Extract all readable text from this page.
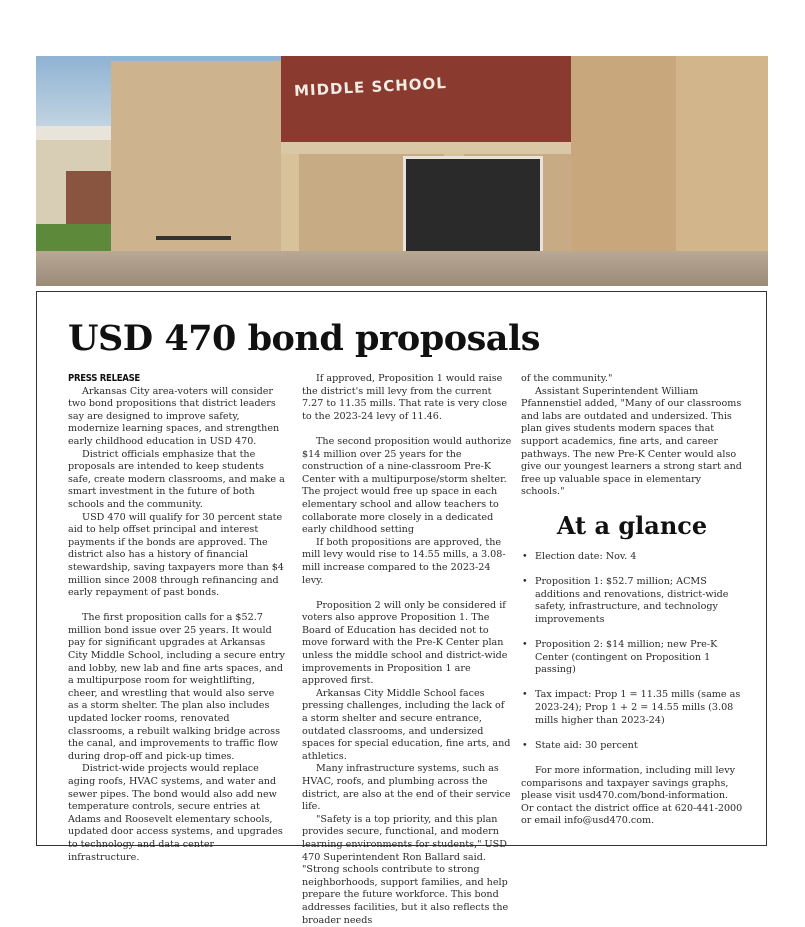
MIDDLE SCHOOL
USD 470 bond proposals
PRESS RELEASE

Arkansas City area-voters will consider two bond propositions that district leaders say are designed to improve safety, modernize learning spaces, and strengthen early childhood education in USD 470.

District officials emphasize that the proposals are intended to keep students safe, create modern classrooms, and make a smart investment in the future of both schools and the community.

USD 470 will qualify for 30 percent state aid to help offset principal and interest payments if the bonds are approved. The district also has a history of financial stewardship, saving taxpayers more than $4 million since 2008 through refinancing and early repayment of past bonds.

The first proposition calls for a $52.7 million bond issue over 25 years. It would pay for significant upgrades at Arkansas City Middle School, including a secure entry and lobby, new lab and fine arts spaces, and a multipurpose room for weightlifting, cheer, and wrestling that would also serve as a storm shelter. The plan also includes updated locker rooms, renovated classrooms, a rebuilt walking bridge across the canal, and improvements to traffic flow during drop-off and pick-up times.

District-wide projects would replace aging roofs, HVAC systems, and water and sewer pipes. The bond would also add new temperature controls, secure entries at Adams and Roosevelt elementary schools, updated door access systems, and upgrades to technology and data center infrastructure.

If approved, Proposition 1 would raise the district's mill levy from the current 7.27 to 11.35 mills. That rate is very close to the 2023-24 levy of 11.46.

The second proposition would authorize $14 million over 25 years for the construction of a nine-classroom Pre-K Center with a multipurpose/storm shelter. The project would free up space in each elementary school and allow teachers to collaborate more closely in a dedicated early childhood setting

If both propositions are approved, the mill levy would rise to 14.55 mills, a 3.08-mill increase compared to the 2023-24 levy.

Proposition 2 will only be considered if voters also approve Proposition 1. The Board of Education has decided not to move forward with the Pre-K Center plan unless the middle school and district-wide improvements in Proposition 1 are approved first.

Arkansas City Middle School faces pressing challenges, including the lack of a storm shelter and secure entrance, outdated classrooms, and undersized spaces for special education, fine arts, and athletics.

Many infrastructure systems, such as HVAC, roofs, and plumbing across the district, are also at the end of their service life.

"Safety is a top priority, and this plan provides secure, functional, and modern learning environments for students," USD 470 Superintendent Ron Ballard said. "Strong schools contribute to strong neighborhoods, support families, and help prepare the future workforce. This bond addresses facilities, but it also reflects the broader needs

of the community."

Assistant Superintendent William Pfannenstiel added, "Many of our classrooms and labs are outdated and undersized. This plan gives students modern spaces that support academics, fine arts, and career pathways. The new Pre-K Center would also give our youngest learners a strong start and free up valuable space in elementary schools."

At a glance
• Election date: Nov. 4
• Proposition 1: $52.7 million; ACMS additions and renovations, district-wide safety, infrastructure, and technology improvements
• Proposition 2: $14 million; new Pre-K Center (contingent on Proposition 1 passing)
• Tax impact: Prop 1 = 11.35 mills (same as 2023-24); Prop 1 + 2 = 14.55 mills (3.08 mills higher than 2023-24)
• State aid: 30 percent

For more information, including mill levy comparisons and taxpayer savings graphs, please visit usd470.com/bond-information. Or contact the district office at 620-441-2000 or email info@usd470.com.
